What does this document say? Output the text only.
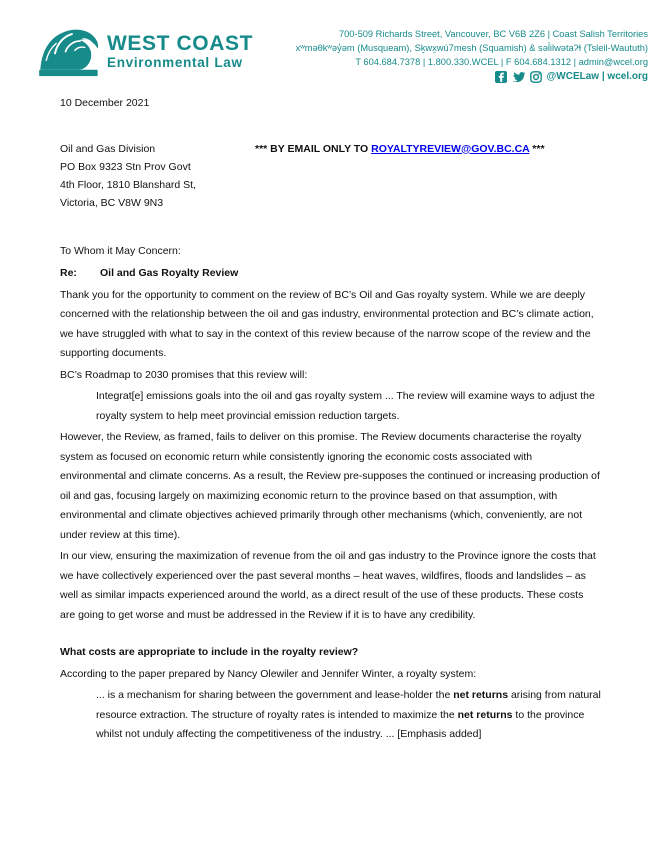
WEST COAST
Environmental Law
700-509 Richards Street, Vancouver, BC V6B 2Z6 | Coast Salish Territories
xʷməθkʷəy̓əm (Musqueam), Sḵwx̱wú7mesh (Squamish) & səl̓ilwətaʔɬ (Tsleil-Waututh)
T 604.684.7378 | 1.800.330.WCEL | F 604.684.1312 | admin@wcel.org
@WCELaw | wcel.org
10 December 2021
Oil and Gas Division
PO Box 9323 Stn Prov Govt
4th Floor, 1810 Blanshard St,
Victoria, BC V8W 9N3
*** BY EMAIL ONLY TO ROYALTYREVIEW@GOV.BC.CA ***
To Whom it May Concern:
Re: Oil and Gas Royalty Review
Thank you for the opportunity to comment on the review of BC’s Oil and Gas royalty system. While we are deeply concerned with the relationship between the oil and gas industry, environmental protection and BC’s climate action, we have struggled with what to say in the context of this review because of the narrow scope of the review and the supporting documents.
BC’s Roadmap to 2030 promises that this review will:
Integrat[e] emissions goals into the oil and gas royalty system ... The review will examine ways to adjust the royalty system to help meet provincial emission reduction targets.
However, the Review, as framed, fails to deliver on this promise. The Review documents characterise the royalty system as focused on economic return while consistently ignoring the economic costs associated with environmental and climate concerns. As a result, the Review pre-supposes the continued or increasing production of oil and gas, focusing largely on maximizing economic return to the province based on that assumption, with environmental and climate objectives achieved primarily through other mechanisms (which, conveniently, are not under review at this time).
In our view, ensuring the maximization of revenue from the oil and gas industry to the Province ignore the costs that we have collectively experienced over the past several months – heat waves, wildfires, floods and landslides – as well as similar impacts experienced around the world, as a direct result of the use of these products. These costs are going to get worse and must be addressed in the Review if it is to have any credibility.
What costs are appropriate to include in the royalty review?
According to the paper prepared by Nancy Olewiler and Jennifer Winter, a royalty system:
... is a mechanism for sharing between the government and lease-holder the net returns arising from natural resource extraction. The structure of royalty rates is intended to maximize the net returns to the province whilst not unduly affecting the competitiveness of the industry. ... [Emphasis added]
